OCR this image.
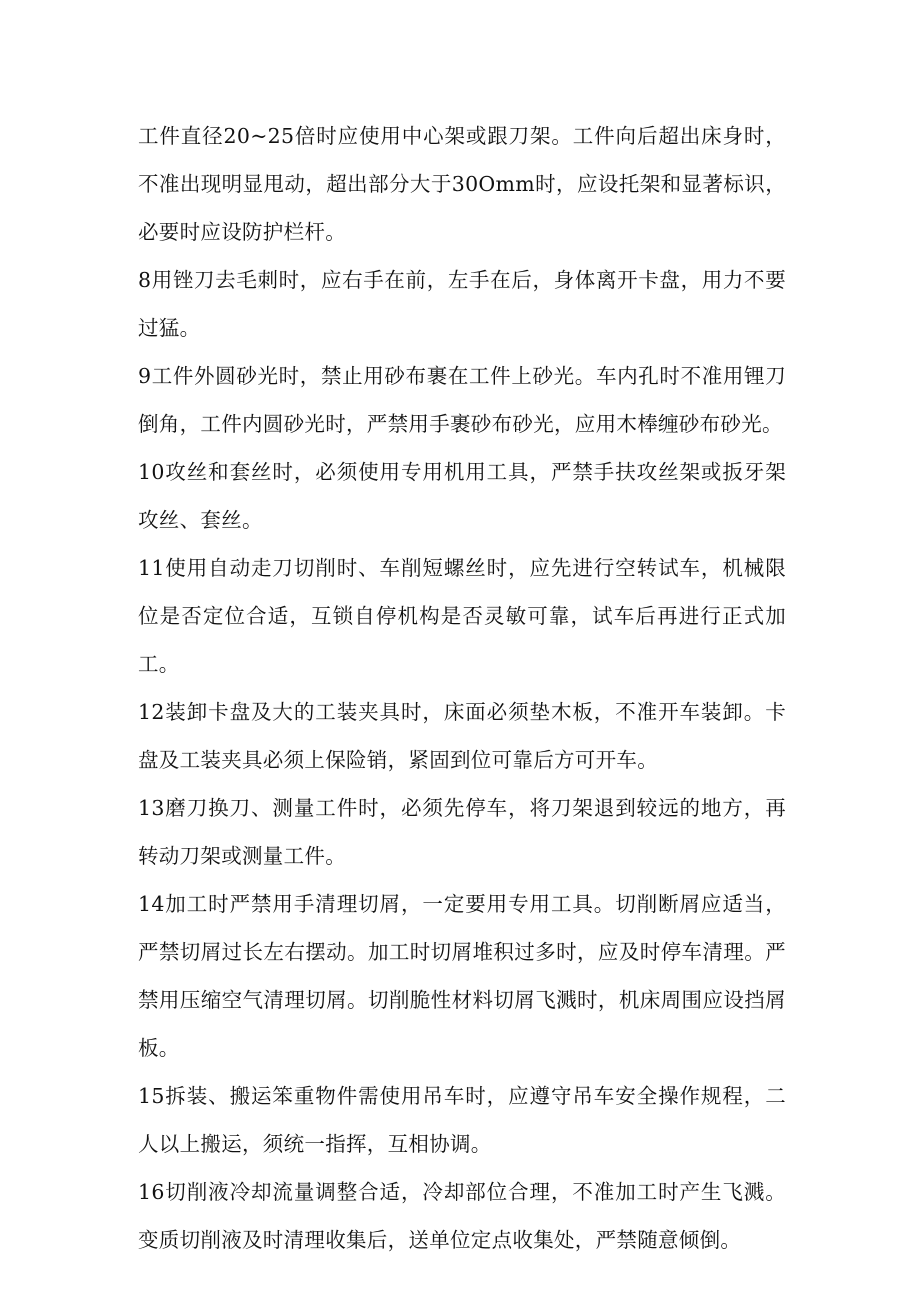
工件直径20~25倍时应使用中心架或跟刀架。工件向后超出床身时，不准出现明显甩动，超出部分大于30Omm时，应设托架和显著标识，必要时应设防护栏杆。

8用锉刀去毛刺时，应右手在前，左手在后，身体离开卡盘，用力不要过猛。

9工件外圆砂光时，禁止用砂布裹在工件上砂光。车内孔时不准用锂刀倒角，工件内圆砂光时，严禁用手裹砂布砂光，应用木棒缠砂布砂光。

10攻丝和套丝时，必须使用专用机用工具，严禁手扶攻丝架或扳牙架攻丝、套丝。

11使用自动走刀切削时、车削短螺丝时，应先进行空转试车，机械限位是否定位合适，互锁自停机构是否灵敏可靠，试车后再进行正式加工。

12装卸卡盘及大的工装夹具时，床面必须垫木板，不准开车装卸。卡盘及工装夹具必须上保险销，紧固到位可靠后方可开车。

13磨刀换刀、测量工件时，必须先停车，将刀架退到较远的地方，再转动刀架或测量工件。

14加工时严禁用手清理切屑，一定要用专用工具。切削断屑应适当，严禁切屑过长左右摆动。加工时切屑堆积过多时，应及时停车清理。严禁用压缩空气清理切屑。切削脆性材料切屑飞溅时，机床周围应设挡屑板。

15拆装、搬运笨重物件需使用吊车时，应遵守吊车安全操作规程，二人以上搬运，须统一指挥，互相协调。

16切削液冷却流量调整合适，冷却部位合理，不准加工时产生飞溅。变质切削液及时清理收集后，送单位定点收集处，严禁随意倾倒。
